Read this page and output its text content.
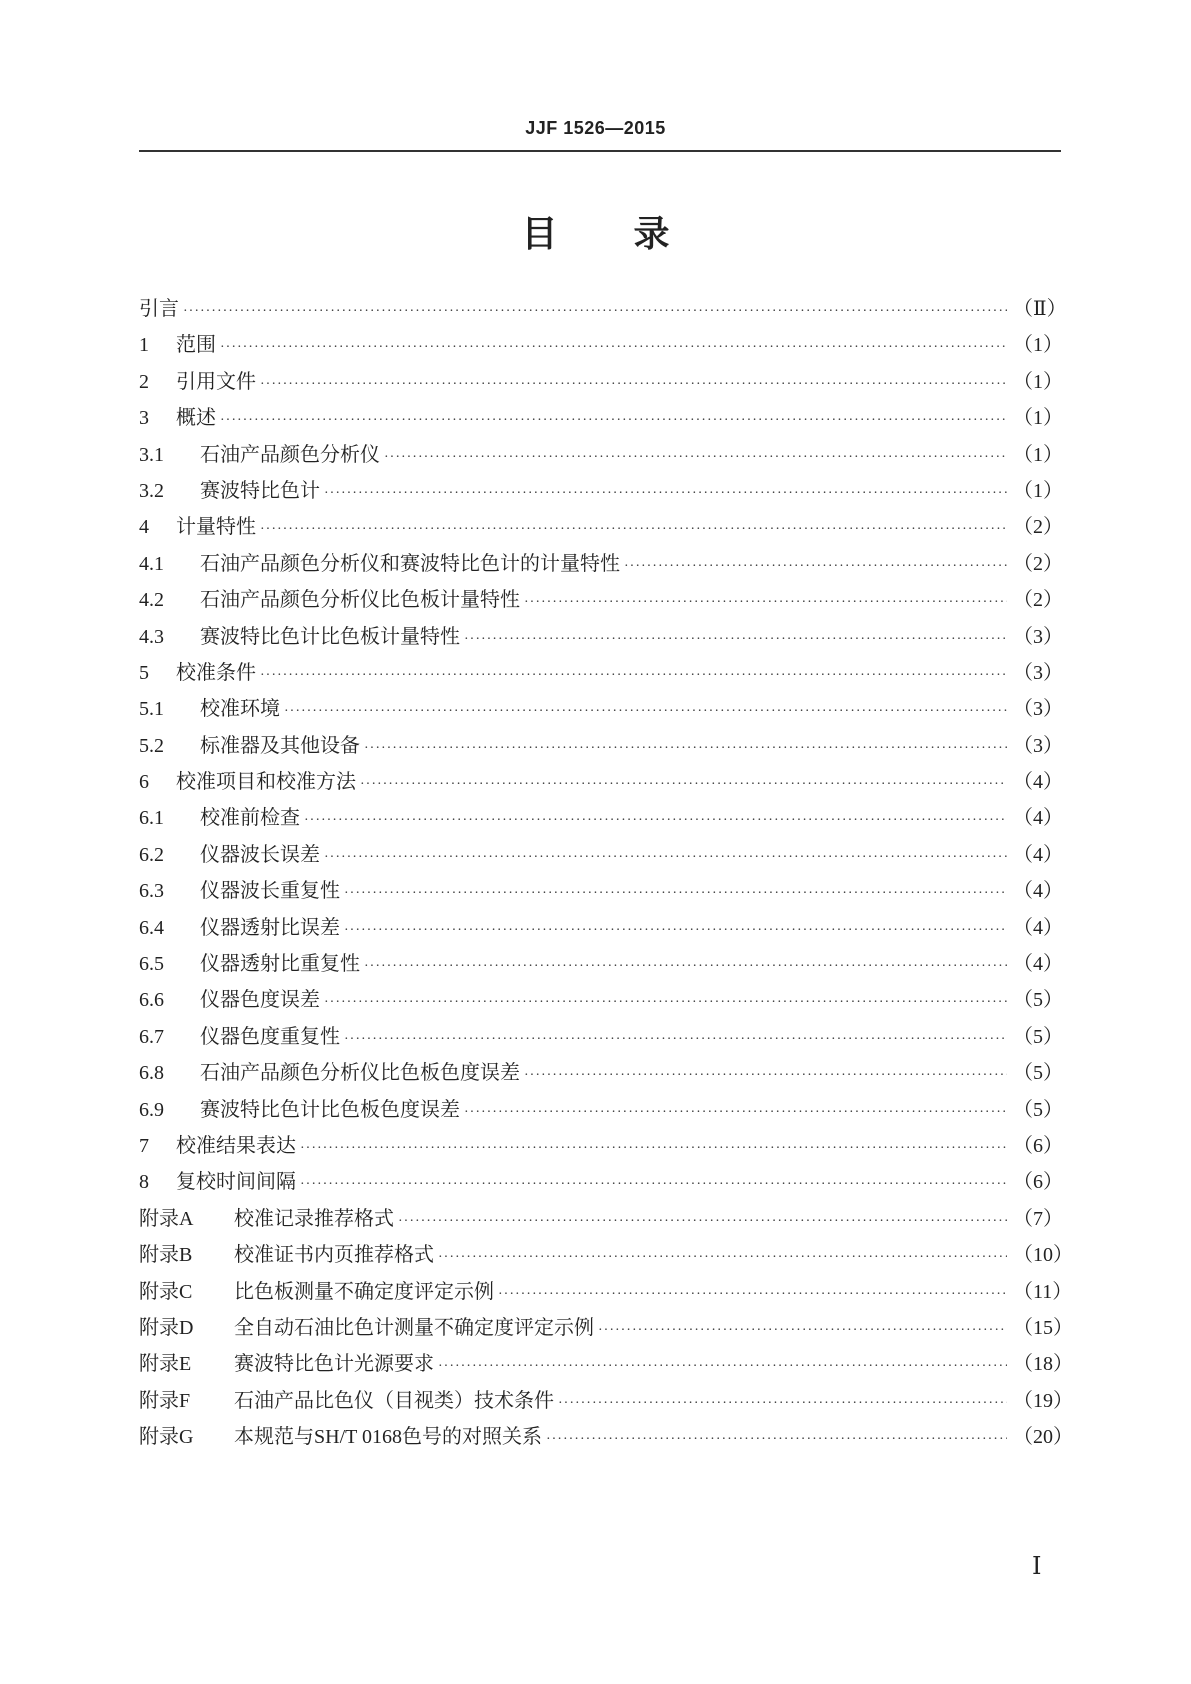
JJF 1526—2015
目 录
引言 ·····	（Ⅱ）
1	范围 ·····	（1）
2	引用文件 ·····	（1）
3	概述 ·····	（1）
3.1	石油产品颜色分析仪 ·····	（1）
3.2	赛波特比色计 ·····	（1）
4	计量特性 ·····	（2）
4.1	石油产品颜色分析仪和赛波特比色计的计量特性 ·····	（2）
4.2	石油产品颜色分析仪比色板计量特性 ·····	（2）
4.3	赛波特比色计比色板计量特性 ·····	（3）
5	校准条件 ·····	（3）
5.1	校准环境 ·····	（3）
5.2	标准器及其他设备 ·····	（3）
6	校准项目和校准方法 ·····	（4）
6.1	校准前检查 ·····	（4）
6.2	仪器波长误差 ·····	（4）
6.3	仪器波长重复性 ·····	（4）
6.4	仪器透射比误差 ·····	（4）
6.5	仪器透射比重复性 ·····	（4）
6.6	仪器色度误差 ·····	（5）
6.7	仪器色度重复性 ·····	（5）
6.8	石油产品颜色分析仪比色板色度误差 ·····	（5）
6.9	赛波特比色计比色板色度误差 ·····	（5）
7	校准结果表达 ·····	（6）
8	复校时间间隔 ·····	（6）
附录A	校准记录推荐格式 ·····	（7）
附录B	校准证书内页推荐格式 ·····	（10）
附录C	比色板测量不确定度评定示例 ·····	（11）
附录D	全自动石油比色计测量不确定度评定示例 ·····	（15）
附录E	赛波特比色计光源要求 ·····	（18）
附录F	石油产品比色仪（目视类）技术条件 ·····	（19）
附录G	本规范与SH/T 0168色号的对照关系 ·····	（20）
Ⅰ
